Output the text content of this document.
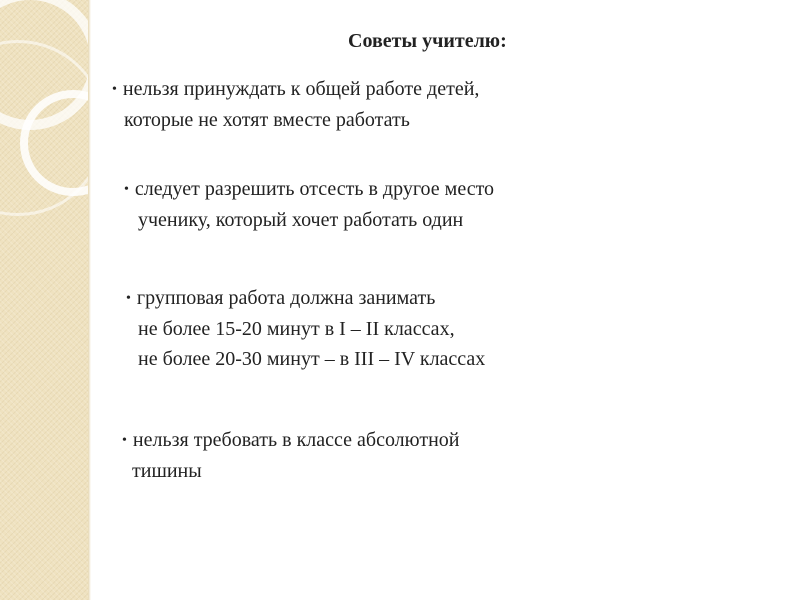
Советы учителю:
• нельзя принуждать к общей работе детей,
которые не хотят вместе работать
• следует разрешить отсесть в другое место
ученику, который хочет работать один
• групповая работа должна занимать
не более 15-20 минут в I – II классах,
не более 20-30 минут – в III – IV классах
• нельзя требовать в классе абсолютной
тишины
